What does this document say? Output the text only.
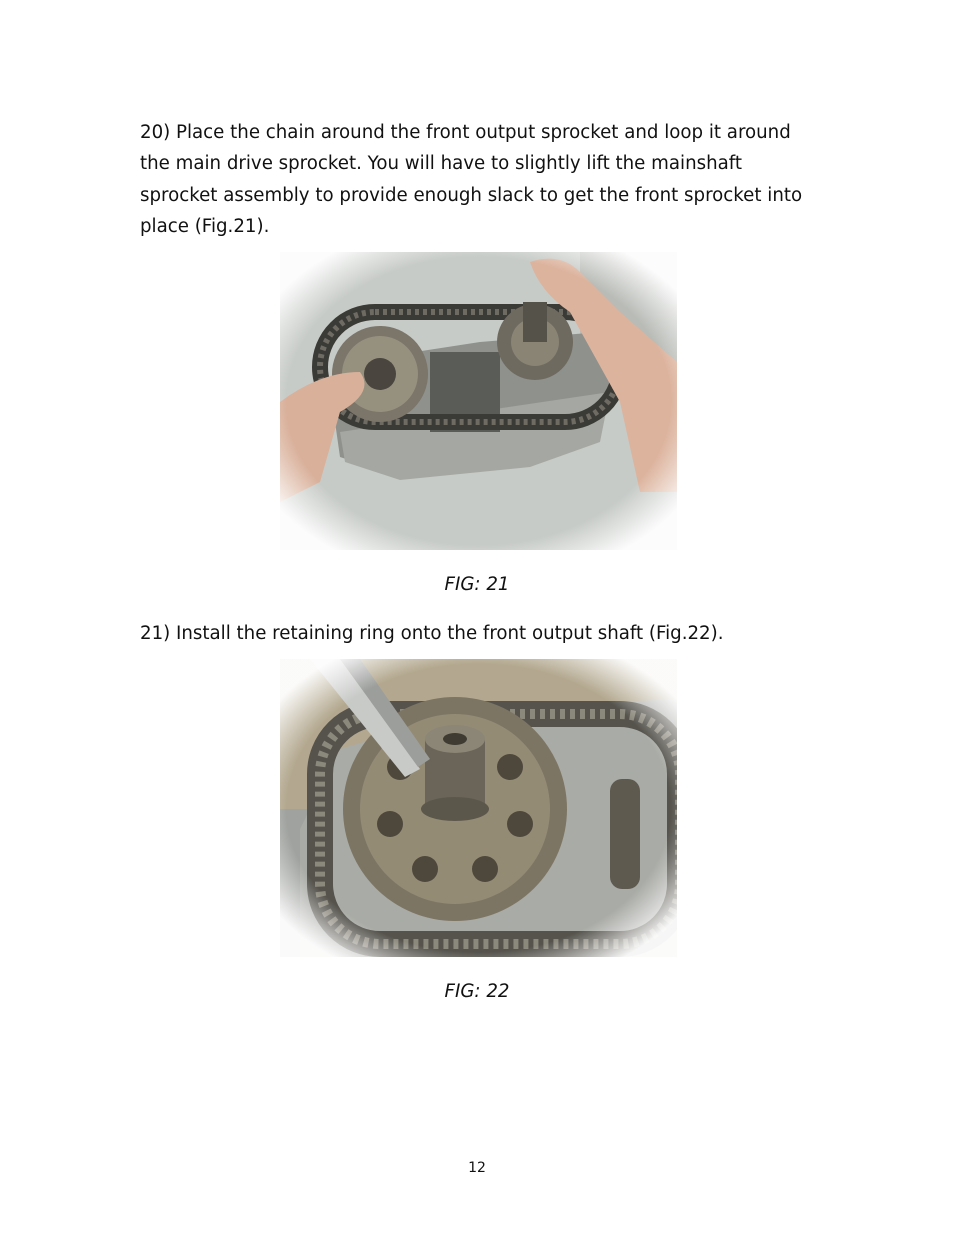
20) Place the chain around the front output sprocket and loop it around the main drive sprocket. You will have to slightly lift the mainshaft sprocket assembly to provide enough slack to get the front sprocket into place (Fig.21).

FIG: 21

21) Install the retaining ring onto the front output shaft (Fig.22).

FIG: 22
12
